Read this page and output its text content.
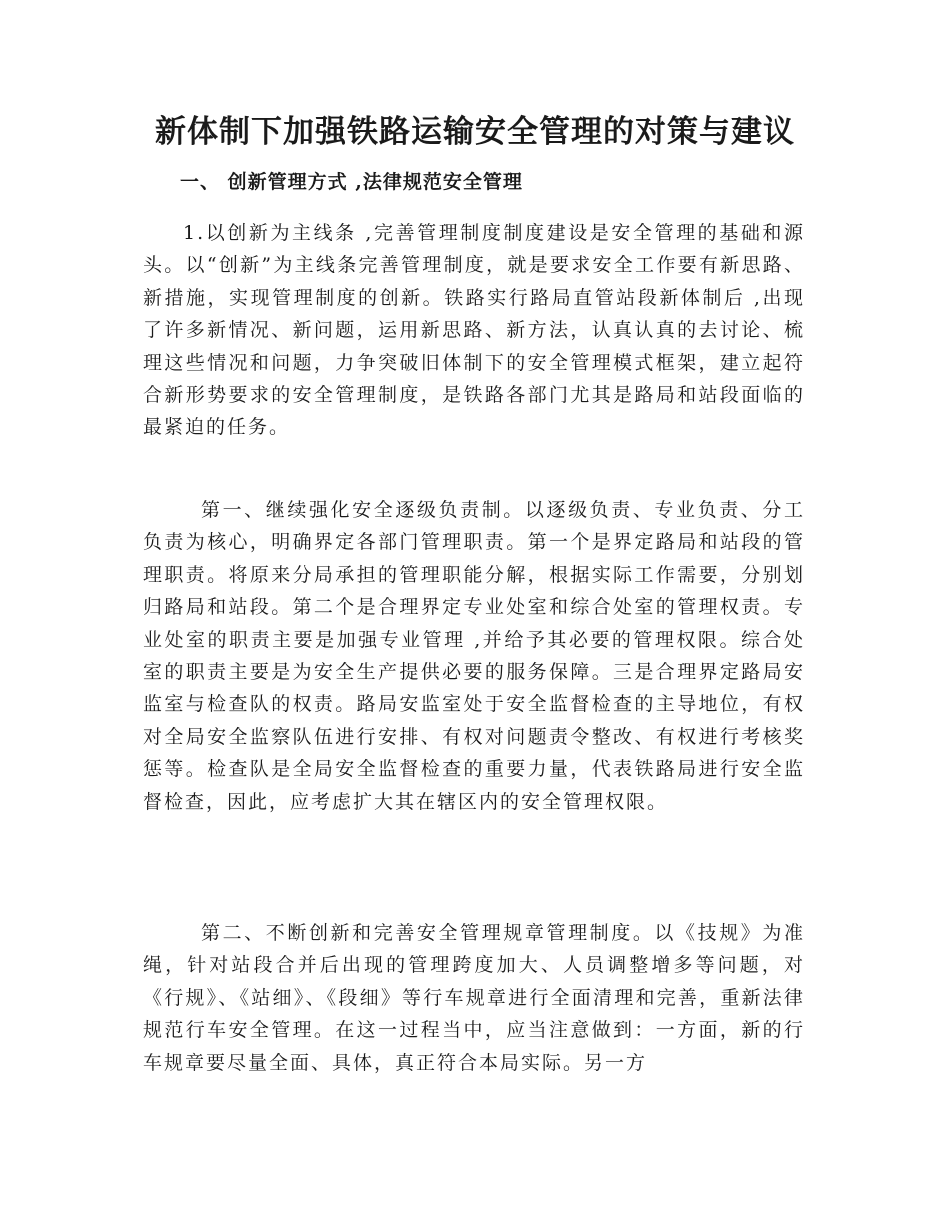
新体制下加强铁路运输安全管理的对策与建议
一、 创新管理方式 ,法律规范安全管理

1.以创新为主线条 ,完善管理制度制度建设是安全管理的基础和源头。以“创新”为主线条完善管理制度，就是要求安全工作要有新思路、新措施，实现管理制度的创新。铁路实行路局直管站段新体制后 ,出现了许多新情况、新问题，运用新思路、新方法，认真认真的去讨论、梳理这些情况和问题，力争突破旧体制下的安全管理模式框架，建立起符合新形势要求的安全管理制度，是铁路各部门尤其是路局和站段面临的最紧迫的任务。

第一、继续强化安全逐级负责制。以逐级负责、专业负责、分工负责为核心，明确界定各部门管理职责。第一个是界定路局和站段的管理职责。将原来分局承担的管理职能分解，根据实际工作需要，分别划归路局和站段。第二个是合理界定专业处室和综合处室的管理权责。专业处室的职责主要是加强专业管理 ,并给予其必要的管理权限。综合处室的职责主要是为安全生产提供必要的服务保障。三是合理界定路局安监室与检查队的权责。路局安监室处于安全监督检查的主导地位，有权对全局安全监察队伍进行安排、有权对问题责令整改、有权进行考核奖惩等。检查队是全局安全监督检查的重要力量，代表铁路局进行安全监督检查，因此，应考虑扩大其在辖区内的安全管理权限。

第二、不断创新和完善安全管理规章管理制度。以《技规》为准绳，针对站段合并后出现的管理跨度加大、人员调整增多等问题，对《行规》、《站细》、《段细》等行车规章进行全面清理和完善，重新法律规范行车安全管理。在这一过程当中，应当注意做到：一方面，新的行车规章要尽量全面、具体，真正符合本局实际。另一方
